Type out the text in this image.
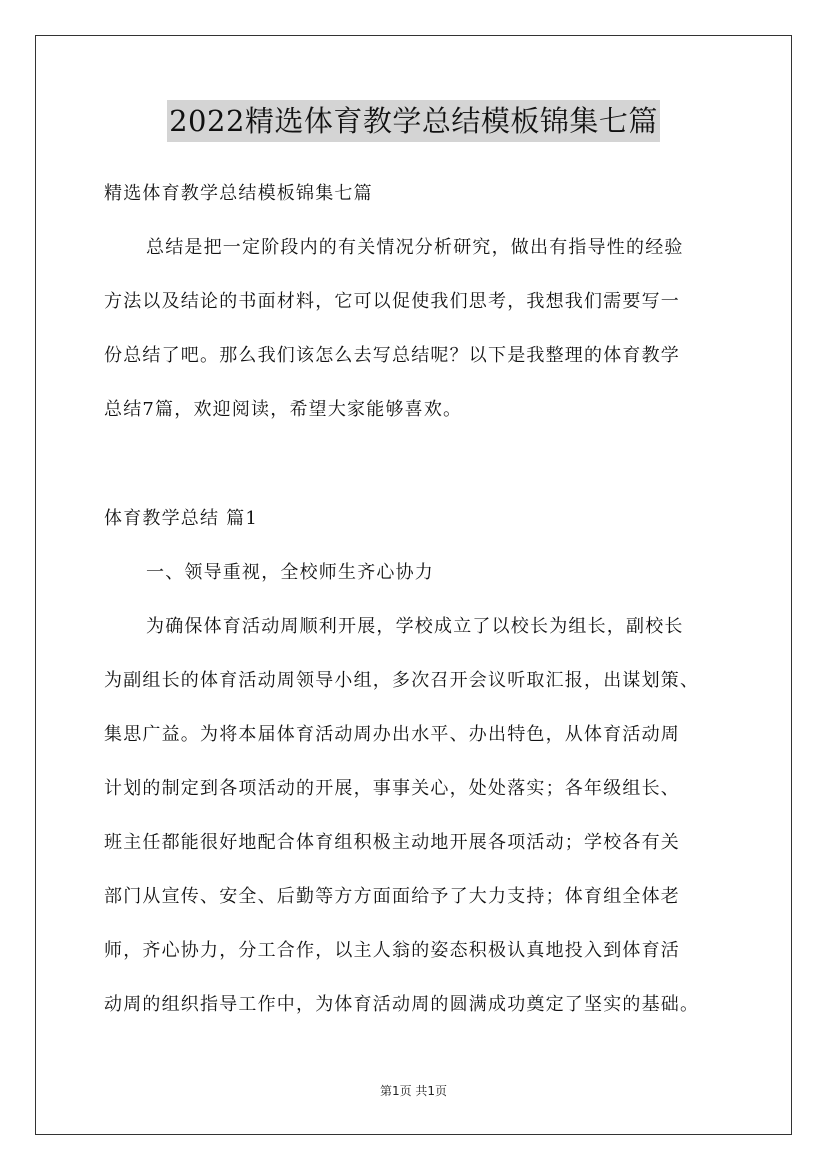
2022精选体育教学总结模板锦集七篇
精选体育教学总结模板锦集七篇
总结是把一定阶段内的有关情况分析研究，做出有指导性的经验
方法以及结论的书面材料，它可以促使我们思考，我想我们需要写一
份总结了吧。那么我们该怎么去写总结呢？以下是我整理的体育教学
总结7篇，欢迎阅读，希望大家能够喜欢。
体育教学总结 篇1
一、领导重视，全校师生齐心协力
为确保体育活动周顺利开展，学校成立了以校长为组长，副校长
为副组长的体育活动周领导小组，多次召开会议听取汇报，出谋划策、
集思广益。为将本届体育活动周办出水平、办出特色，从体育活动周
计划的制定到各项活动的开展，事事关心，处处落实；各年级组长、
班主任都能很好地配合体育组积极主动地开展各项活动；学校各有关
部门从宣传、安全、后勤等方方面面给予了大力支持；体育组全体老
师，齐心协力，分工合作，以主人翁的姿态积极认真地投入到体育活
动周的组织指导工作中，为体育活动周的圆满成功奠定了坚实的基础。
第1页 共1页
